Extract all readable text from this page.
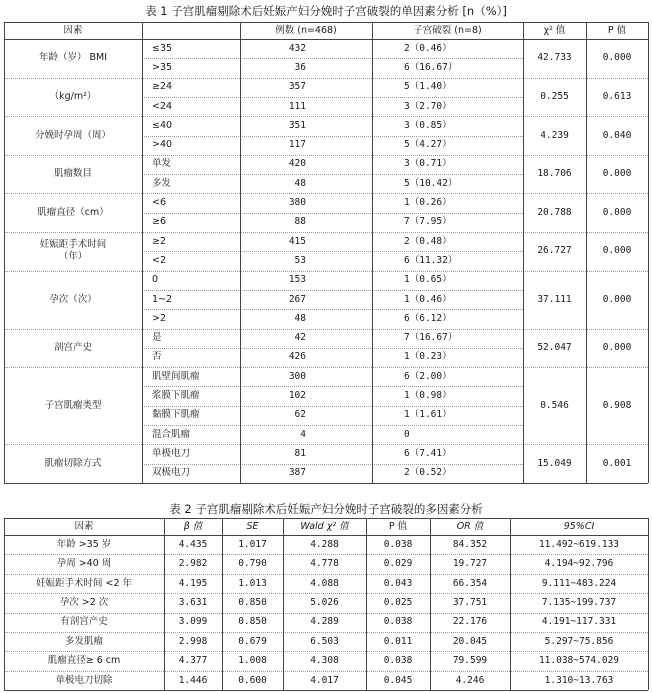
表 1 子宫肌瘤剔除术后妊娠产妇分娩时子宫破裂的单因素分析 [n（%）]
因素	例数 (n=468)	子宫破裂 (n=8)	χ² 值	P 值
年龄（岁） BMI
≤35	432	2（0.46）
>35	36	6（16.67）
42.733	0.000
（kg/m²）
≥24	357	5（1.40）
<24	111	3（2.70）
0.255	0.613
分娩时孕周（周）
≤40	351	3（0.85）
>40	117	5（4.27）
4.239	0.040
肌瘤数目
单发	420	3（0.71）
多发	48	5（10.42）
18.706	0.000
肌瘤直径（cm）
<6	380	1（0.26）
≥6	88	7（7.95）
20.788	0.000
妊娠距手术时间
（年）
≥2	415	2（0.48）
<2	53	6（11.32）
26.727	0.000
孕次（次）
0	153	1（0.65）
1~2	267	1（0.46）
>2	48	6（6.12）
37.111	0.000
剖宫产史
是	42	7（16.67）
否	426	1（0.23）
52.047	0.000
子宫肌瘤类型
肌壁间肌瘤	300	6（2.00）
浆膜下肌瘤	102	1（0.98）
黏膜下肌瘤	62	1（1.61）
混合肌瘤	4	0
0.546	0.908
肌瘤切除方式
单极电刀	81	6（7.41）
双极电刀	387	2（0.52）
15.049	0.001
表 2 子宫肌瘤剔除术后妊娠产妇分娩时子宫破裂的多因素分析
因素	β 值	SE	Wald χ² 值	P 值	OR 值	95%CI
年龄 >35 岁	4.435	1.017	4.288	0.038	84.352	11.492~619.133
孕周 >40 周	2.982	0.790	4.778	0.029	19.727	4.194~92.796
妊娠距手术时间 <2 年	4.195	1.013	4.088	0.043	66.354	9.111~483.224
孕次 >2 次	3.631	0.850	5.026	0.025	37.751	7.135~199.737
有剖宫产史	3.099	0.850	4.289	0.038	22.176	4.191~117.331
多发肌瘤	2.998	0.679	6.503	0.011	20.045	5.297~75.856
肌瘤直径≥ 6 cm	4.377	1.008	4.308	0.038	79.599	11.038~574.029
单极电刀切除	1.446	0.600	4.017	0.045	4.246	1.310~13.763
